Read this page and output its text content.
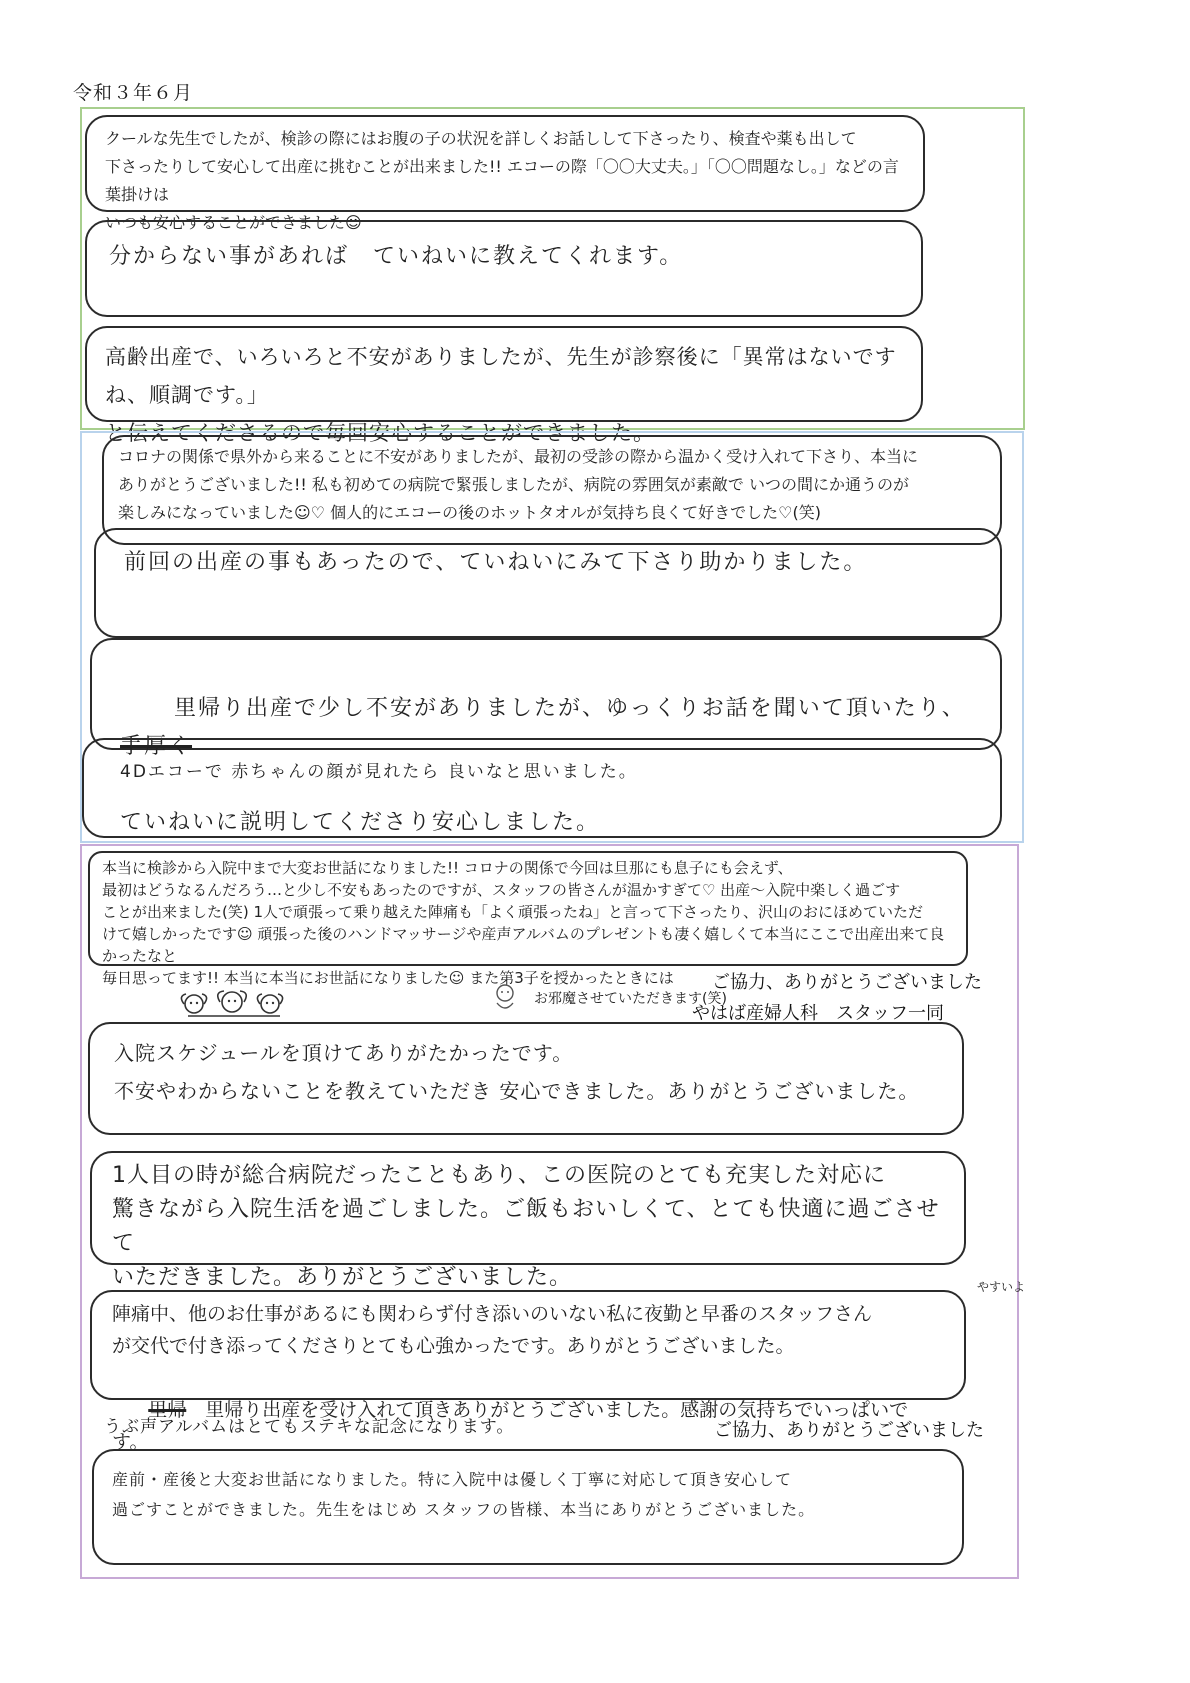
令和３年６月

クールな先生でしたが、検診の際にはお腹の子の状況を詳しくお話しして下さったり、検査や薬も出して
下さったりして安心して出産に挑むことが出来ました!! エコーの際「〇〇大丈夫。」「〇〇問題なし。」などの言葉掛けは
いつも安心することができました☺

分からない事があれば　ていねいに教えてくれます。

高齢出産で、いろいろと不安がありましたが、先生が診察後に「異常はないですね、順調です。」
と伝えてくださるので毎回安心することができました。

コロナの関係で県外から来ることに不安がありましたが、最初の受診の際から温かく受け入れて下さり、本当に
ありがとうございました!! 私も初めての病院で緊張しましたが、病院の雰囲気が素敵で いつの間にか通うのが
楽しみになっていました☺♡ 個人的にエコーの後のホットタオルが気持ち良くて好きでした♡(笑)

前回の出産の事もあったので、ていねいにみて下さり助かりました。

里帰り出産で少し不安がありましたが、ゆっくりお話を聞いて頂いたり、手厚く

ていねいに説明してくださり安心しました。

4Dエコーで 赤ちゃんの顔が見れたら 良いなと思いました。

本当に検診から入院中まで大変お世話になりました!! コロナの関係で今回は旦那にも息子にも会えず、
最初はどうなるんだろう…と少し不安もあったのですが、スタッフの皆さんが温かすぎて♡ 出産～入院中楽しく過ごす
ことが出来ました(笑) 1人で頑張って乗り越えた陣痛も「よく頑張ったね」と言って下さったり、沢山のおにほめていただ
けて嬉しかったです☺ 頑張った後のハンドマッサージや産声アルバムのプレゼントも凄く嬉しくて本当にここで出産出来て良かったなと
毎日思ってます!! 本当に本当にお世話になりました☺ また第3子を授かったときには

お邪魔させていただきます(笑)
ご協力、ありがとうございました
やはば産婦人科　スタッフ一同

入院スケジュールを頂けてありがたかったです。
不安やわからないことを教えていただき 安心できました。ありがとうございました。

1人目の時が総合病院だったこともあり、この医院のとても充実した対応に
驚きながら入院生活を過ごしました。ご飯もおいしくて、とても快適に過ごさせて
いただきました。ありがとうございました。	やすいよ

陣痛中、他のお仕事があるにも関わらず付き添いのいない私に夜勤と早番のスタッフさん

が交代で付き添ってくださりとても心強かったです。ありがとうございました。

里帰　 里帰り出産を受け入れて頂きありがとうございました。感謝の気持ちでいっぱいです。

うぶ声アルバムはとてもステキな記念になります。	ご協力、ありがとうございました

産前・産後と大変お世話になりました。特に入院中は優しく丁寧に対応して頂き安心して
過ごすことができました。先生をはじめ スタッフの皆様、本当にありがとうございました。
